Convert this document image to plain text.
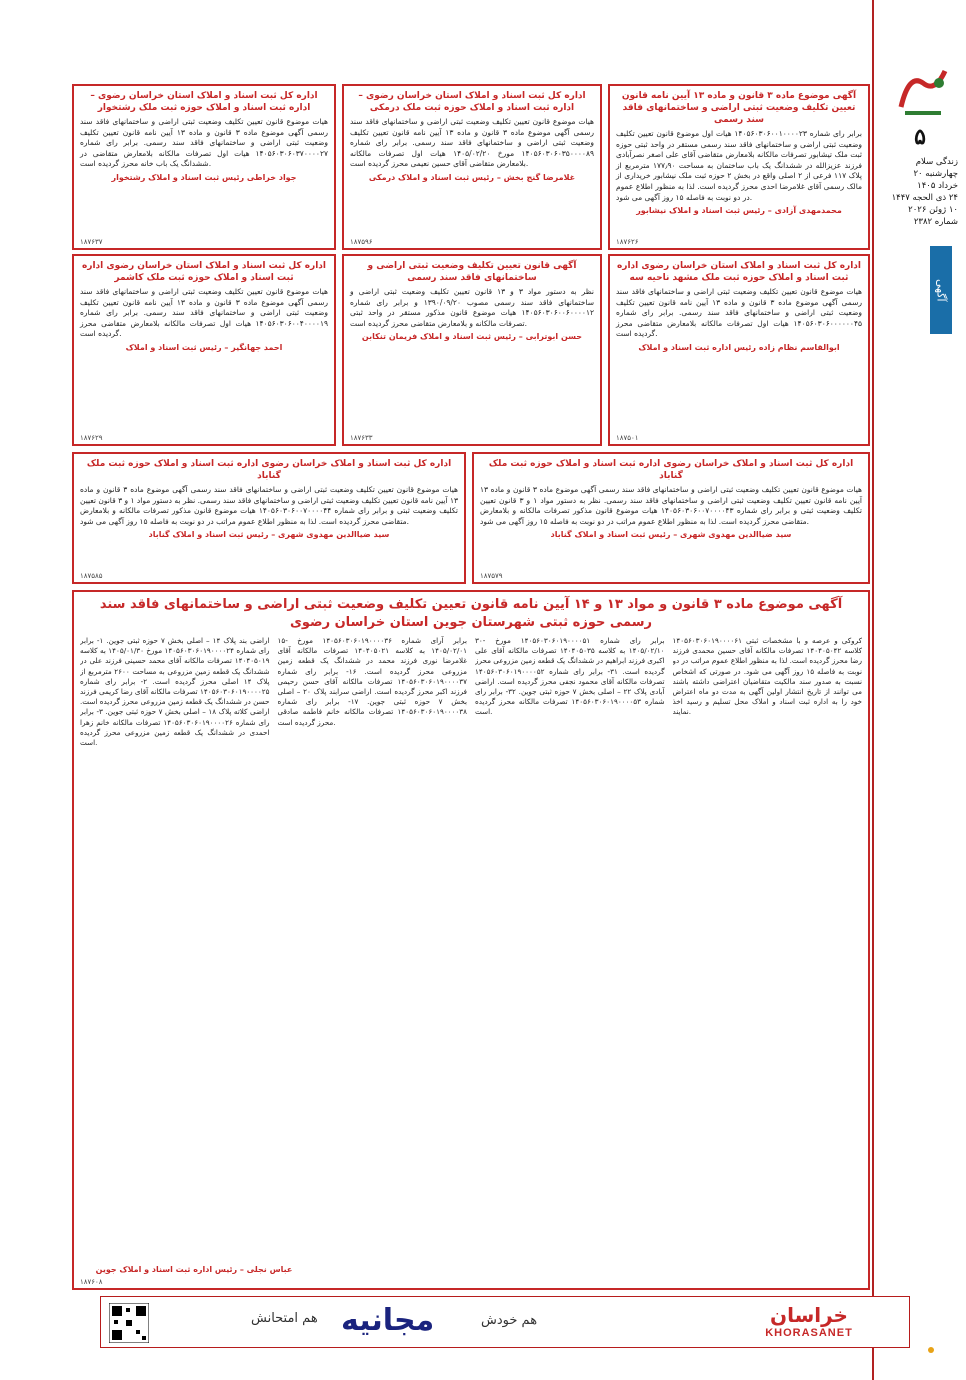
۵
زندگی سلام
چهارشنبه ۲۰
خرداد ۱۴۰۵
۲۴ ذی الحجه ۱۴۴۷
۱۰ ژوئن ۲۰۲۶
شماره ۲۳۸۲
آگهی
آگهی موضوع ماده ۳ قانون و ماده ۱۳ آیین نامه قانون تعیین تکلیف وضعیت ثبتی اراضی و ساختمانهای فاقد سند رسمی
برابر رای شماره ۱۴۰۵۶۰۳۰۶۰۰۱۰۰۰۰۲۳ هیات اول موضوع قانون تعیین تکلیف وضعیت ثبتی اراضی و ساختمانهای فاقد سند رسمی مستقر در واحد ثبتی حوزه ثبت ملک تیشابور تصرفات مالکانه بلامعارض متقاضی آقای علی اصغر نصرآبادی فرزند عزیزالله در ششدانگ یک باب ساختمان به مساحت ۱۷۷٫۹۰ مترمربع از پلاک ۱۱۷ فرعی از ۲ اصلی واقع در بخش ۲ حوزه ثبت ملک نیشابور خریداری از مالک رسمی آقای غلامرضا احدی محرز گردیده است. لذا به منظور اطلاع عموم در دو نوبت به فاصله ۱۵ روز آگهی می شود.
محمدمهدی آزادی – رئیس ثبت اسناد و املاک نیشابور
۱۸۷۶۲۶
اداره کل ثبت اسناد و املاک استان خراسان رضوی – اداره ثبت اسناد و املاک حوزه ثبت ملک درمکی
هیات موضوع قانون تعیین تکلیف وضعیت ثبتی اراضی و ساختمانهای فاقد سند رسمی آگهی موضوع ماده ۳ قانون و ماده ۱۳ آیین نامه قانون تعیین تکلیف وضعیت ثبتی اراضی و ساختمانهای فاقد سند رسمی. برابر رای شماره ۱۴۰۵۶۰۳۰۶۰۳۵۰۰۰۰۸۹ مورخ ۱۴۰۵/۰۲/۲۰ هیات اول تصرفات مالکانه بلامعارض متقاضی آقای حسین نعیمی محرز گردیده است.
غلامرضا گنج بخش – رئیس ثبت اسناد و املاک درمکی
۱۸۷۵۹۶
اداره کل ثبت اسناد و املاک استان خراسان رضوی – اداره ثبت اسناد و املاک حوزه ثبت ملک رشتخوار
هیات موضوع قانون تعیین تکلیف وضعیت ثبتی اراضی و ساختمانهای فاقد سند رسمی آگهی موضوع ماده ۳ قانون و ماده ۱۳ آیین نامه قانون تعیین تکلیف وضعیت ثبتی اراضی و ساختمانهای فاقد سند رسمی. برابر رای شماره ۱۴۰۵۶۰۳۰۶۰۳۷۰۰۰۰۲۷ هیات اول تصرفات مالکانه بلامعارض متقاضی در ششدانگ یک باب خانه محرز گردیده است.
جواد خراطی رئیس ثبت اسناد و املاک رشتخوار
۱۸۷۶۳۷
اداره کل ثبت اسناد و املاک استان خراسان رضوی اداره ثبت اسناد و املاک حوزه ثبت ملک مشهد ناحیه سه
هیات موضوع قانون تعیین تکلیف وضعیت ثبتی اراضی و ساختمانهای فاقد سند رسمی آگهی موضوع ماده ۳ قانون و ماده ۱۳ آیین نامه قانون تعیین تکلیف وضعیت ثبتی اراضی و ساختمانهای فاقد سند رسمی. برابر رای شماره ۱۴۰۵۶۰۳۰۶۰۰۰۰۰۰۴۵ هیات اول تصرفات مالکانه بلامعارض متقاضی محرز گردیده است.
ابوالقاسم نظام زاده رئیس اداره ثبت اسناد و املاک
۱۸۷۵۰۱
آگهی قانون تعیین تکلیف وضعیت ثبتی اراضی و ساختمانهای فاقد سند رسمی
نظر به دستور مواد ۳ و ۱۳ قانون تعیین تکلیف وضعیت ثبتی اراضی و ساختمانهای فاقد سند رسمی مصوب ۱۳۹۰/۰۹/۲۰ و برابر رای شماره ۱۴۰۵۶۰۳۰۶۰۰۶۰۰۰۰۱۲ هیات موضوع قانون مذکور مستقر در واحد ثبتی تصرفات مالکانه و بلامعارض متقاضی محرز گردیده است.
حسن ابوترابی – رئیس ثبت اسناد و املاک فریمان تنکابن
۱۸۷۶۳۳
اداره کل ثبت اسناد و املاک استان خراسان رضوی اداره ثبت اسناد و املاک حوزه ثبت ملک کاشمر
هیات موضوع قانون تعیین تکلیف وضعیت ثبتی اراضی و ساختمانهای فاقد سند رسمی آگهی موضوع ماده ۳ قانون و ماده ۱۳ آیین نامه قانون تعیین تکلیف وضعیت ثبتی اراضی و ساختمانهای فاقد سند رسمی. برابر رای شماره ۱۴۰۵۶۰۳۰۶۰۰۴۰۰۰۰۱۹ هیات اول تصرفات مالکانه بلامعارض متقاضی محرز گردیده است.
احمد جهانگیر – رئیس ثبت اسناد و املاک
۱۸۷۶۲۹
اداره کل ثبت اسناد و املاک خراسان رضوی اداره ثبت اسناد و املاک حوزه ثبت ملک گناباد
هیات موضوع قانون تعیین تکلیف وضعیت ثبتی اراضی و ساختمانهای فاقد سند رسمی آگهی موضوع ماده ۳ قانون و ماده ۱۳ آیین نامه قانون تعیین تکلیف وضعیت ثبتی اراضی و ساختمانهای فاقد سند رسمی. نظر به دستور مواد ۱ و ۳ قانون تعیین تکلیف وضعیت ثبتی و برابر رای شماره ۱۴۰۵۶۰۳۰۶۰۰۷۰۰۰۰۴۳ هیات موضوع قانون مذکور تصرفات مالکانه و بلامعارض متقاضی محرز گردیده است. لذا به منظور اطلاع عموم مراتب در دو نوبت به فاصله ۱۵ روز آگهی می شود.
سید ضیاالدین مهدوی شهری – رئیس ثبت اسناد و املاک گناباد
۱۸۷۵۷۹
اداره کل ثبت اسناد و املاک خراسان رضوی اداره ثبت اسناد و املاک حوزه ثبت ملک گناباد
هیات موضوع قانون تعیین تکلیف وضعیت ثبتی اراضی و ساختمانهای فاقد سند رسمی آگهی موضوع ماده ۳ قانون و ماده ۱۳ آیین نامه قانون تعیین تکلیف وضعیت ثبتی اراضی و ساختمانهای فاقد سند رسمی. نظر به دستور مواد ۱ و ۳ قانون تعیین تکلیف وضعیت ثبتی و برابر رای شماره ۱۴۰۵۶۰۳۰۶۰۰۷۰۰۰۰۴۴ هیات موضوع قانون مذکور تصرفات مالکانه و بلامعارض متقاضی محرز گردیده است. لذا به منظور اطلاع عموم مراتب در دو نوبت به فاصله ۱۵ روز آگهی می شود.
سید ضیاالدین مهدوی شهری – رئیس ثبت اسناد و املاک گناباد
۱۸۷۵۸۵
آگهی موضوع ماده ۳ قانون و مواد ۱۳ و ۱۴ آیین نامه قانون تعیین تکلیف وضعیت ثبتی اراضی و ساختمانهای فاقد سند رسمی حوزه ثبتی شهرستان جوین استان خراسان رضوی
اراضی بند پلاک ۱۴ – اصلی بخش ۷ حوزه ثبتی جوین. ۱- برابر رای شماره ۱۴۰۵۶۰۳۰۶۰۱۹۰۰۰۰۲۴ مورخ ۱۴۰۵/۰۱/۳۰ به کلاسه ۱۴۰۴۰۵۰۱۹ تصرفات مالکانه آقای محمد حسینی فرزند علی در ششدانگ یک قطعه زمین مزروعی به مساحت ۲۶۰۰ مترمربع از پلاک ۱۴ اصلی محرز گردیده است. ۲- برابر رای شماره ۱۴۰۵۶۰۳۰۶۰۱۹۰۰۰۰۲۵ تصرفات مالکانه آقای رضا کریمی فرزند حسن در ششدانگ یک قطعه زمین مزروعی محرز گردیده است. اراضی کلاته پلاک ۱۸ – اصلی بخش ۷ حوزه ثبتی جوین. ۳- برابر رای شماره ۱۴۰۵۶۰۳۰۶۰۱۹۰۰۰۰۲۶ تصرفات مالکانه خانم زهرا احمدی در ششدانگ یک قطعه زمین مزروعی محرز گردیده است.
۱۵- برابر آرای شماره ۱۴۰۵۶۰۳۰۶۰۱۹۰۰۰۰۳۶ مورخ ۱۴۰۵/۰۲/۰۱ به کلاسه ۱۴۰۴۰۵۰۲۱ تصرفات مالکانه آقای غلامرضا نوری فرزند محمد در ششدانگ یک قطعه زمین مزروعی محرز گردیده است. ۱۶- برابر رای شماره ۱۴۰۵۶۰۳۰۶۰۱۹۰۰۰۰۳۷ تصرفات مالکانه آقای حسن رحیمی فرزند اکبر محرز گردیده است. اراضی سرابند پلاک ۲۰ – اصلی بخش ۷ حوزه ثبتی جوین. ۱۷- برابر رای شماره ۱۴۰۵۶۰۳۰۶۰۱۹۰۰۰۰۳۸ تصرفات مالکانه خانم فاطمه صادقی محرز گردیده است.
۳۰- برابر رای شماره ۱۴۰۵۶۰۳۰۶۰۱۹۰۰۰۰۵۱ مورخ ۱۴۰۵/۰۲/۱۰ به کلاسه ۱۴۰۴۰۵۰۳۵ تصرفات مالکانه آقای علی اکبری فرزند ابراهیم در ششدانگ یک قطعه زمین مزروعی محرز گردیده است. ۳۱- برابر رای شماره ۱۴۰۵۶۰۳۰۶۰۱۹۰۰۰۰۵۲ تصرفات مالکانه آقای محمود نجفی محرز گردیده است. اراضی آبادی پلاک ۲۲ – اصلی بخش ۷ حوزه ثبتی جوین. ۳۲- برابر رای شماره ۱۴۰۵۶۰۳۰۶۰۱۹۰۰۰۰۵۳ تصرفات مالکانه محرز گردیده است.
کروکی و عرصه و با مشخصات ثبتی ۱۴۰۵۶۰۳۰۶۰۱۹۰۰۰۰۶۱ کلاسه ۱۴۰۴۰۵۰۴۲ تصرفات مالکانه آقای حسین محمدی فرزند رضا محرز گردیده است. لذا به منظور اطلاع عموم مراتب در دو نوبت به فاصله ۱۵ روز آگهی می شود. در صورتی که اشخاص نسبت به صدور سند مالکیت متقاضیان اعتراضی داشته باشند می توانند از تاریخ انتشار اولین آگهی به مدت دو ماه اعتراض خود را به اداره ثبت اسناد و املاک محل تسلیم و رسید اخذ نمایند.
عباس نجلی – رئیس اداره ثبت اسناد و املاک جوین
۱۸۷۶۰۸
هم امتحانش مجانیه	هم خودش	خراسان
KHORASANET
